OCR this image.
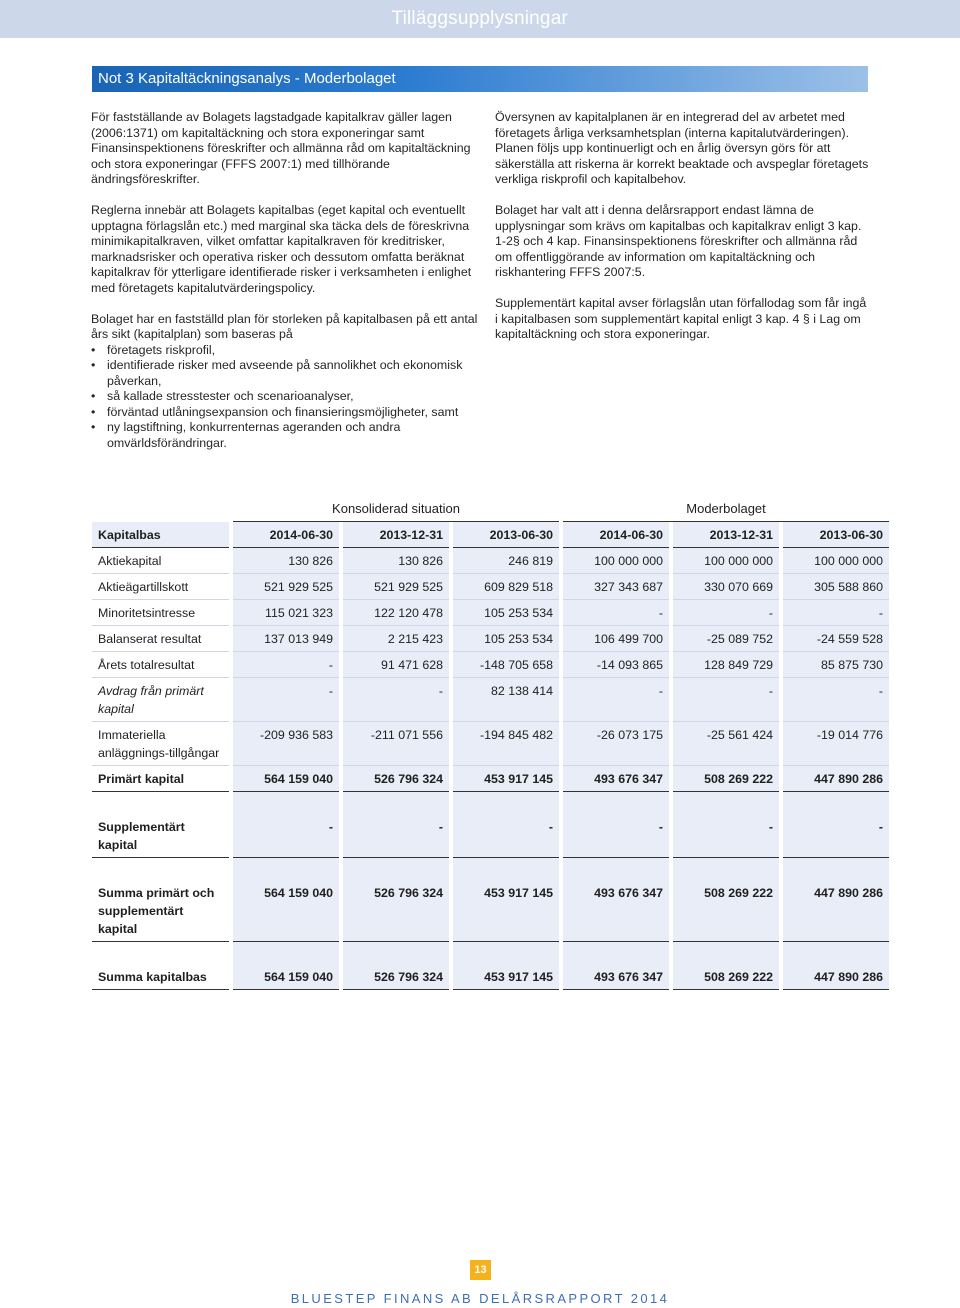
Tilläggsupplysningar
Not 3 Kapitaltäckningsanalys - Moderbolaget

För fastställande av Bolagets lagstadgade kapitalkrav gäller lagen (2006:1371) om kapitaltäckning och stora exponeringar samt Finansinspektionens föreskrifter och allmänna råd om kapitaltäckning och stora exponeringar (FFFS 2007:1) med tillhörande ändringsföreskrifter.

Reglerna innebär att Bolagets kapitalbas (eget kapital och eventuellt upptagna förlagslån etc.) med marginal ska täcka dels de föreskrivna minimikapitalkraven, vilket omfattar kapitalkraven för kreditrisker, marknadsrisker och operativa risker och dessutom omfatta beräknat kapitalkrav för ytterligare identifierade risker i verksamheten i enlighet med företagets kapitalutvärderingspolicy.

Bolaget har en fastställd plan för storleken på kapitalbasen på ett antal års sikt (kapitalplan) som baseras på

• företagets riskprofil,
• identifierade risker med avseende på sannolikhet och ekonomisk påverkan,
• så kallade stresstester och scenarioanalyser,
• förväntad utlåningsexpansion och finansieringsmöjligheter, samt
• ny lagstiftning, konkurrenternas ageranden och andra omvärldsförändringar.

Översynen av kapitalplanen är en integrerad del av arbetet med företagets årliga verksamhetsplan (interna kapitalutvärderingen). Planen följs upp kontinuerligt och en årlig översyn görs för att säkerställa att riskerna är korrekt beaktade och avspeglar företagets verkliga riskprofil och kapitalbehov.

Bolaget har valt att i denna delårsrapport endast lämna de upplysningar som krävs om kapitalbas och kapitalkrav enligt 3 kap. 1-2§ och 4 kap. Finansinspektionens föreskrifter och allmänna råd om offentliggörande av information om kapitaltäckning och riskhantering FFFS 2007:5.

Supplementärt kapital avser förlagslån utan förfallodag som får ingå i kapitalbasen som supplementärt kapital enligt 3 kap. 4 § i Lag om kapitaltäckning och stora exponeringar.

	Konsoliderad situation			Moderbolaget		
Kapitalbas	2014-06-30	2013-12-31	2013-06-30	2014-06-30	2013-12-31	2013-06-30
Aktiekapital	130 826	130 826	246 819	100 000 000	100 000 000	100 000 000
Aktieägartillskott	521 929 525	521 929 525	609 829 518	327 343 687	330 070 669	305 588 860
Minoritetsintresse	115 021 323	122 120 478	105 253 534	-	-	-
Balanserat resultat	137 013 949	2 215 423	105 253 534	106 499 700	-25 089 752	-24 559 528
Årets totalresultat	-	91 471 628	-148 705 658	-14 093 865	128 849 729	85 875 730
Avdrag från primärt kapital	-	-	82 138 414	-	-	-
Immateriella anläggnings-tillgångar	-209 936 583	-211 071 556	-194 845 482	-26 073 175	-25 561 424	-19 014 776
Primärt kapital	564 159 040	526 796 324	453 917 145	493 676 347	508 269 222	447 890 286

Supplementärt kapital	-	-	-	-	-	-

Summa primärt och supplementärt kapital	564 159 040	526 796 324	453 917 145	493 676 347	508 269 222	447 890 286

Summa kapitalbas	564 159 040	526 796 324	453 917 145	493 676 347	508 269 222	447 890 286
13
BLUESTEP FINANS AB DELÅRSRAPPORT 2014
